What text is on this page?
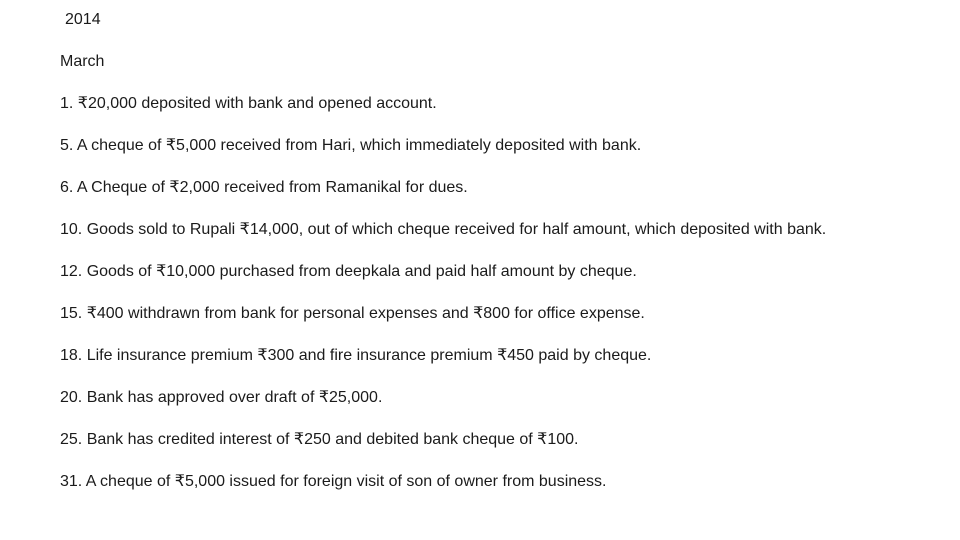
2014

March

1. ₹20,000 deposited with bank and opened account.

5. A cheque of ₹5,000 received from Hari, which immediately deposited with bank.

6. A Cheque of ₹2,000 received from Ramanikal for dues.

10. Goods sold to Rupali ₹14,000, out of which cheque received for half amount, which deposited with bank.

12. Goods of ₹10,000 purchased from deepkala and paid half amount by cheque.

15. ₹400 withdrawn from bank for personal expenses and ₹800 for office expense.

18. Life insurance premium ₹300 and fire insurance premium ₹450 paid by cheque.

20. Bank has approved over draft of ₹25,000.

25. Bank has credited interest of ₹250 and debited bank cheque of ₹100.

31. A cheque of ₹5,000 issued for foreign visit of son of owner from business.
